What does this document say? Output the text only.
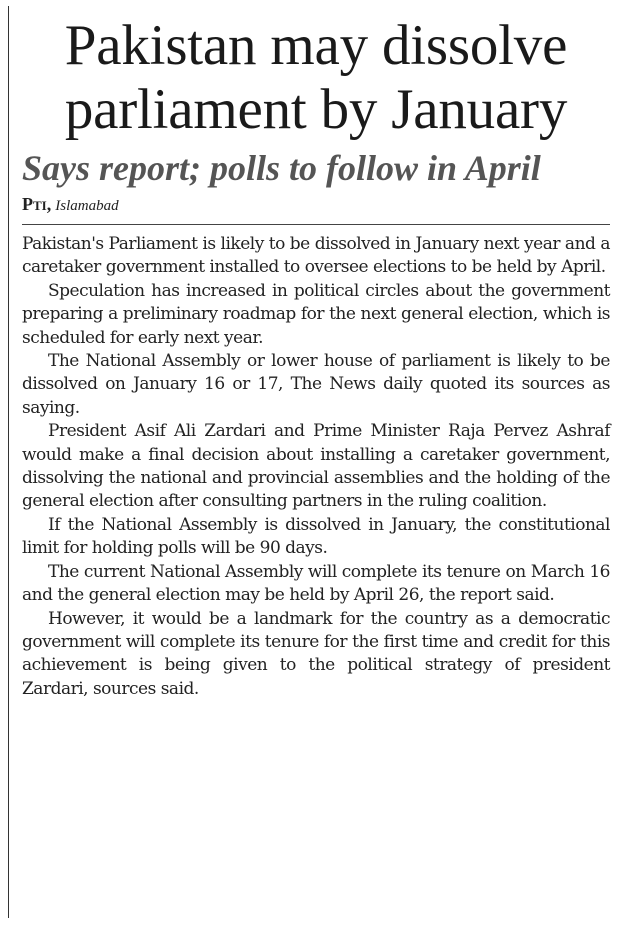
Pakistan may dissolve parliament by January
Says report; polls to follow in April
Pti, Islamabad

Pakistan's Parliament is likely to be dissolved in January next year and a caretaker government installed to oversee elections to be held by April.

Speculation has increased in political circles about the government preparing a preliminary roadmap for the next general election, which is scheduled for early next year.

The National Assembly or lower house of parliament is likely to be dissolved on January 16 or 17, The News daily quoted its sources as saying.

President Asif Ali Zardari and Prime Minister Raja Pervez Ashraf would make a final decision about installing a caretaker government, dissolving the national and provincial assemblies and the holding of the general election after consulting partners in the ruling coalition.

If the National Assembly is dissolved in January, the constitutional limit for holding polls will be 90 days.

The current National Assembly will complete its tenure on March 16 and the general election may be held by April 26, the report said.

However, it would be a landmark for the country as a democratic government will complete its tenure for the first time and credit for this achievement is being given to the political strategy of president Zardari, sources said.
